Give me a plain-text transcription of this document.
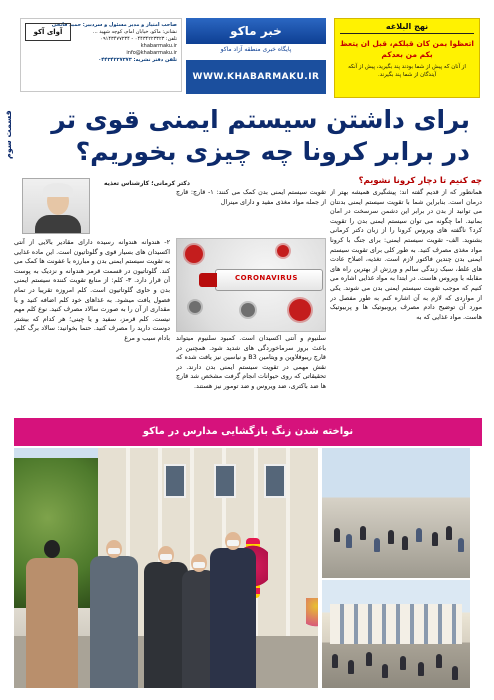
آوای آکو
صاحب امتیاز و مدیر مسئول و سردبیر: حمید فاتحی
نشانی: ماکو، خیابان امام، کوچه شهید ...
تلفن: ۰۴۴۳۴۲۲۳۳۲۳ - ۰۹۱۴۳۴۷۷۲۳۴
khabarmaku.ir
info@khabarmaku.ir
تلفن دفتر نشریه: ۰۴۴۳۴۲۳۷۳۷۳
خبر ماکو
پایگاه خبری منطقه آزاد ماکو
WWW.KHABARMAKU.IR
نهج البلاغه
اتعظوا بمن کان قبلکم، قبل ان یتعظ بکم من بعدکم
از آنان که پیش از شما بودند پند بگیرید، پیش از آنکه آیندگان از شما پند بگیرند.
قسمت سوم	برای داشتن سیستم ایمنی قوی تر
در برابر کرونا چه چیزی بخوریم؟
چه کنیم تا دچار کرونا نشویم؟
دکتر کرمانی؛ کارشناس تغذیه
همانطور که از قدیم گفته اند: پیشگیری همیشه بهتر از درمان است. بنابراین شما با تقویت سیستم ایمنی بدنتان می توانید از بدن در برابر این دشمن سرسخت در امان بمانید. اما چگونه می توان سیستم ایمنی بدن را تقویت کرد؟ ناگفته های ویروس کرونا را از زبان دکتر کرمانی بشنوید. الف- تقویت سیستم ایمنی: برای جنگ با کرونا مواد مغذی مصرف کنید. به طور کلی برای تقویت سیستم ایمنی بدن چندین فاکتور لازم است. تغذیه، اصلاح عادت های غلط، سبک زندگی سالم و ورزش از بهترین راه های مقابله با ویروس هاست. در ابتدا به مواد غذایی اشاره می کنیم که موجب تقویت سیستم ایمنی بدن می شوند. یکی از مواردی که لازم به آن اشاره کنم به طور مفصل در مورد آن توضیح دادم مصرف پروبیوتیک ها و پربیوتیک هاست. مواد غذایی که به
تقویت سیستم ایمنی بدن کمک می کنند: ۱- قارچ: قارچ از جمله مواد مغذی مفید و دارای مینرال
CORONAVIRUS
۲- هندوانه هندوانه رسیده دارای مقادیر بالایی از آنتی اکسیدان های بسیار قوی و گلوتاتیون است. این ماده غذایی به تقویت سیستم ایمنی بدن و مبارزه با عفونت ها کمک می کند. گلوتاتیون در قسمت قرمز هندوانه و نزدیک به پوست آن قرار دارد. ۳- کلم: از منابع تقویت کننده سیستم ایمنی بدن و حاوی گلوتاتیون است. کلم امروزه تقریبا در تمام فصول یافت میشود. به غذاهای خود کلم اضافه کنید و یا مقداری از آن را به صورت سالاد مصرف کنید. نوع کلم مهم نیست. کلم قرمز، سفید و یا چینی؛ هر کدام که بیشتر دوست دارید را مصرف کنید. حتما بخوانید: سالاد برگ کلم، بادام سیب و مرغ سلنیوم و آنتی اکسیدان است. کمبود سلنیوم میتواند باعث بروز سرماخوردگی های شدید شود. همچنین در قارچ ریبوفلاوین و ویتامین B3 و نیاسین نیز یافت شده که نقش مهمی در تقویت سیستم ایمنی بدن دارند. در تحقیقاتی که روی حیوانات انجام گرفت مشخص شد قارچ ها ضد باکتری، ضد ویروس و ضد تومور نیز هستند.
نواخته شدن زنگ بازگشایی مدارس در ماکو
